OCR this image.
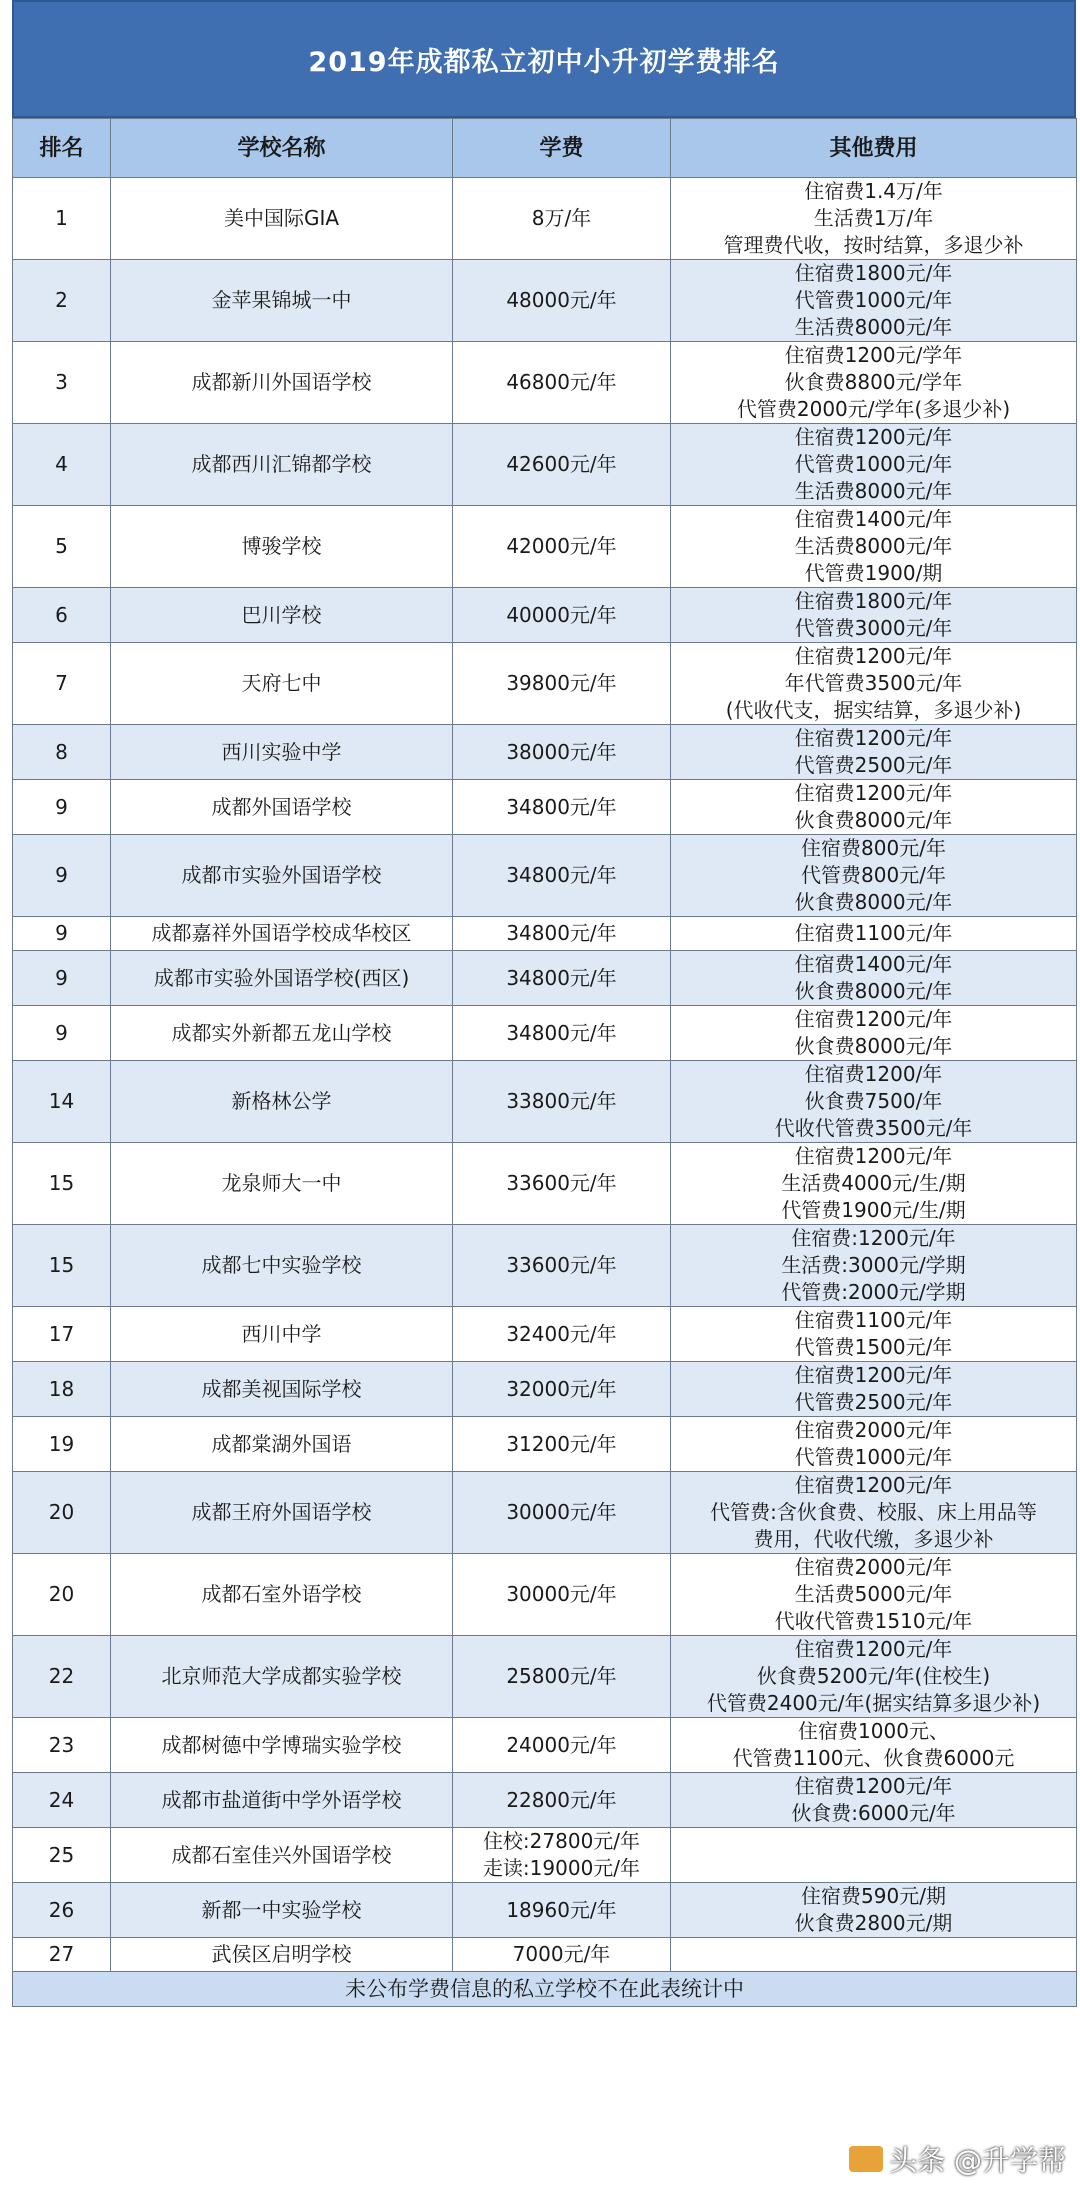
2019年成都私立初中小升初学费排名
排名	学校名称	学费	其他费用
1	美中国际GIA	8万/年	住宿费1.4万/年
生活费1万/年
管理费代收，按时结算，多退少补

2	金苹果锦城一中	48000元/年	住宿费1800元/年
代管费1000元/年
生活费8000元/年

3	成都新川外国语学校	46800元/年	住宿费1200元/学年
伙食费8800元/学年
代管费2000元/学年(多退少补)

4	成都西川汇锦都学校	42600元/年	住宿费1200元/年
代管费1000元/年
生活费8000元/年

5	博骏学校	42000元/年	住宿费1400元/年
生活费8000元/年
代管费1900/期

6	巴川学校	40000元/年	住宿费1800元/年
代管费3000元/年

7	天府七中	39800元/年	住宿费1200元/年
年代管费3500元/年
(代收代支，据实结算，多退少补)

8	西川实验中学	38000元/年	住宿费1200元/年
代管费2500元/年

9	成都外国语学校	34800元/年	住宿费1200元/年
伙食费8000元/年

9	成都市实验外国语学校	34800元/年	住宿费800元/年
代管费800元/年
伙食费8000元/年

9	成都嘉祥外国语学校成华校区	34800元/年	住宿费1100元/年

9	成都市实验外国语学校(西区)	34800元/年	住宿费1400元/年
伙食费8000元/年

9	成都实外新都五龙山学校	34800元/年	住宿费1200元/年
伙食费8000元/年

14	新格林公学	33800元/年	住宿费1200/年
伙食费7500/年
代收代管费3500元/年

15	龙泉师大一中	33600元/年	住宿费1200元/年
生活费4000元/生/期
代管费1900元/生/期

15	成都七中实验学校	33600元/年	住宿费:1200元/年
生活费:3000元/学期
代管费:2000元/学期

17	西川中学	32400元/年	住宿费1100元/年
代管费1500元/年

18	成都美视国际学校	32000元/年	住宿费1200元/年
代管费2500元/年

19	成都棠湖外国语	31200元/年	住宿费2000元/年
代管费1000元/年

20	成都王府外国语学校	30000元/年	住宿费1200元/年
代管费:含伙食费、校服、床上用品等
费用，代收代缴，多退少补

20	成都石室外语学校	30000元/年	住宿费2000元/年
生活费5000元/年
代收代管费1510元/年

22	北京师范大学成都实验学校	25800元/年	住宿费1200元/年
伙食费5200元/年(住校生)
代管费2400元/年(据实结算多退少补)

23	成都树德中学博瑞实验学校	24000元/年	住宿费1000元、
代管费1100元、伙食费6000元

24	成都市盐道街中学外语学校	22800元/年	住宿费1200元/年
伙食费:6000元/年

25	成都石室佳兴外国语学校	住校:27800元/年
走读:19000元/年	

26	新都一中实验学校	18960元/年	住宿费590元/期
伙食费2800元/期

27	武侯区启明学校	7000元/年	

未公布学费信息的私立学校不在此表统计中			
头条 @升学帮
